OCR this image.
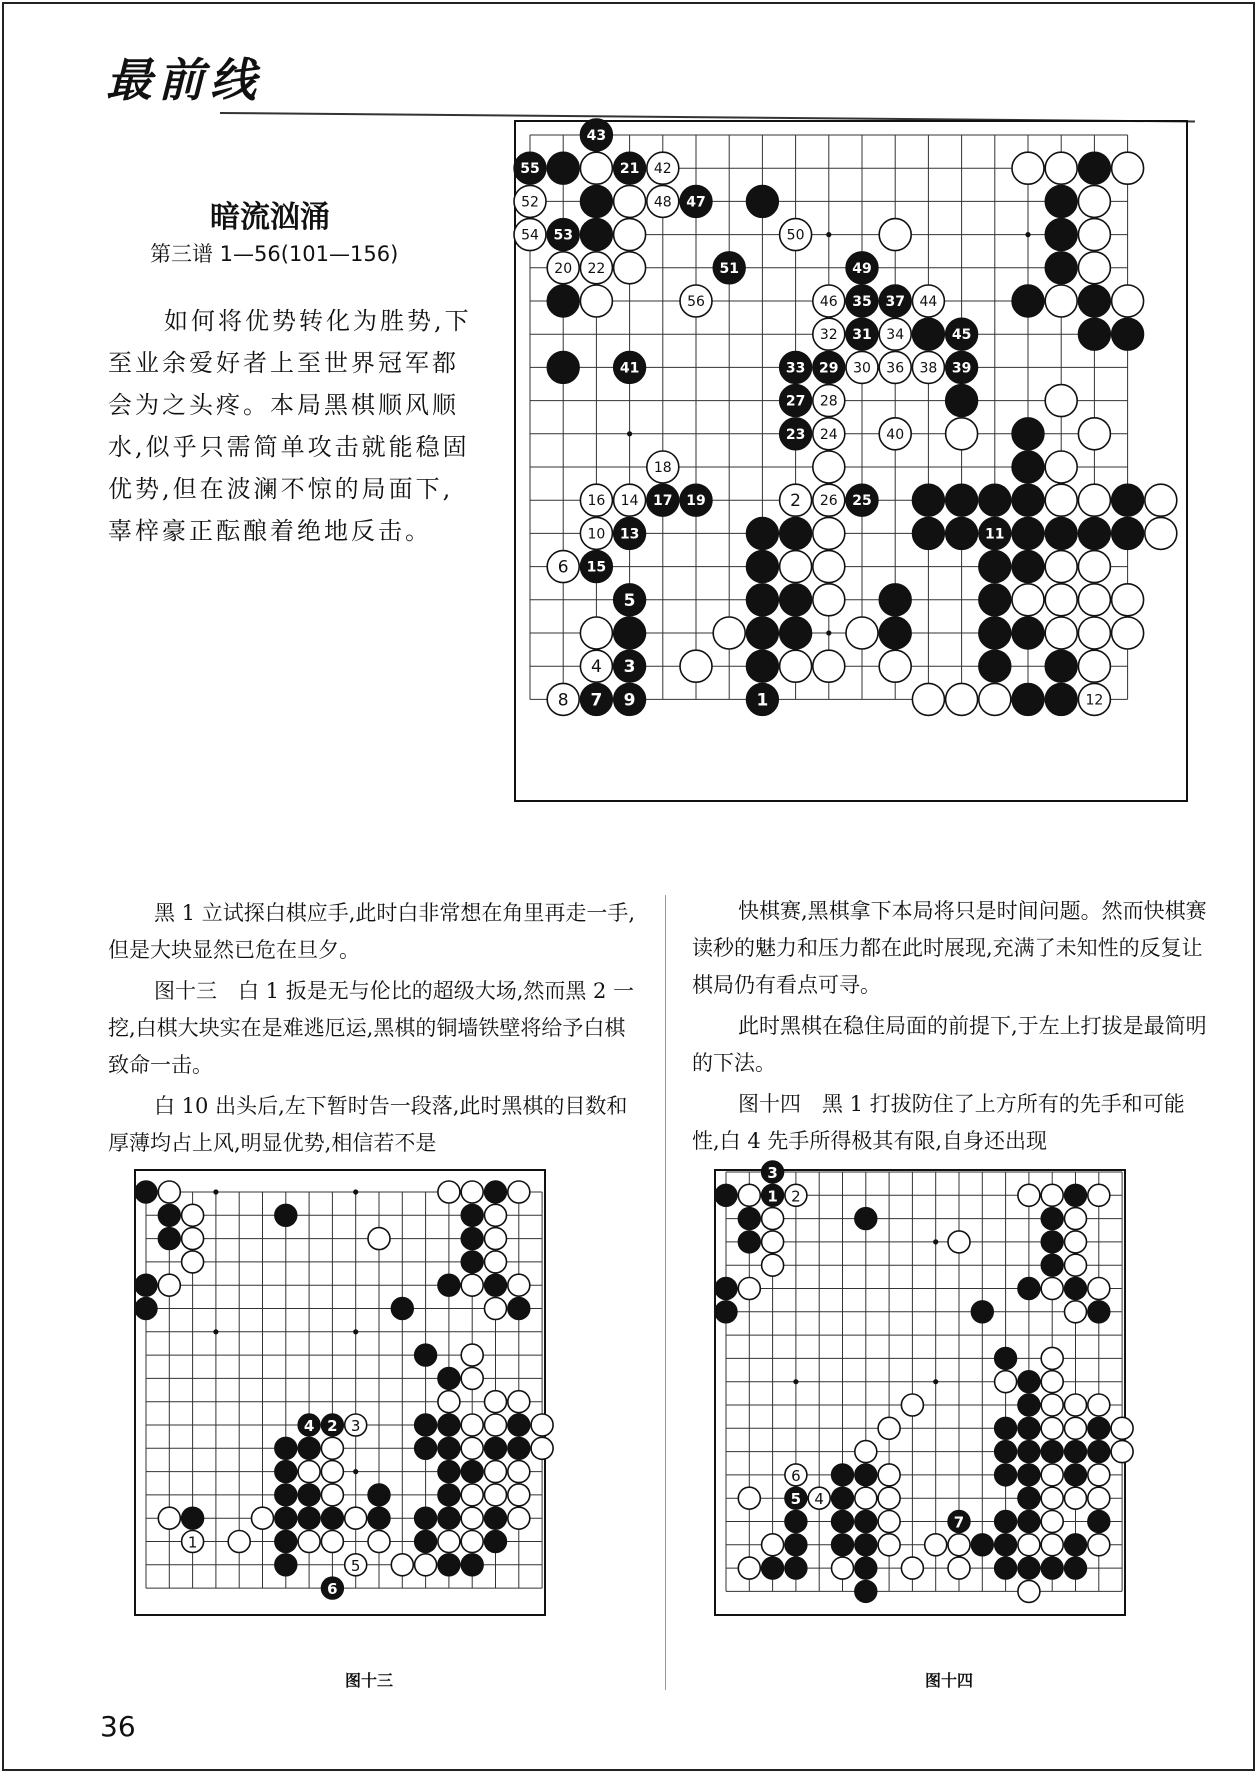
最前线
暗流汹涌
第三谱 1—56(101—156)
如何将优势转化为胜势,下至业余爱好者上至世界冠军都会为之头疼。本局黑棋顺风顺水,似乎只需简单攻击就能稳固优势,但在波澜不惊的局面下,辜梓豪正酝酿着绝地反击。
43
55	21 42
52	48 47
54 53	50
20 22	51	49
56	46 35 37 44
32 31 34	45
41	33 29 30 36 38 39
27 28
23 24	40
18
16 14 17 19	2 26 25
10 13	11
6 15
5
4 3
8 7 9	1	12

黑 1 立试探白棋应手,此时白非常想在角里再走一手,但是大块显然已危在旦夕。

图十三　白 1 扳是无与伦比的超级大场,然而黑 2 一挖,白棋大块实在是难逃厄运,黑棋的铜墙铁壁将给予白棋致命一击。

白 10 出头后,左下暂时告一段落,此时黑棋的目数和厚薄均占上风,明显优势,相信若不是

快棋赛,黑棋拿下本局将只是时间问题。然而快棋赛读秒的魅力和压力都在此时展现,充满了未知性的反复让棋局仍有看点可寻。

此时黑棋在稳住局面的前提下,于左上打拔是最简明的下法。

图十四　黑 1 打拔防住了上方所有的先手和可能性,白 4 先手所得极其有限,自身还出现

4 2 3
1
5
6
3
1 2
6
5 4
7
图十三	图十四
36
